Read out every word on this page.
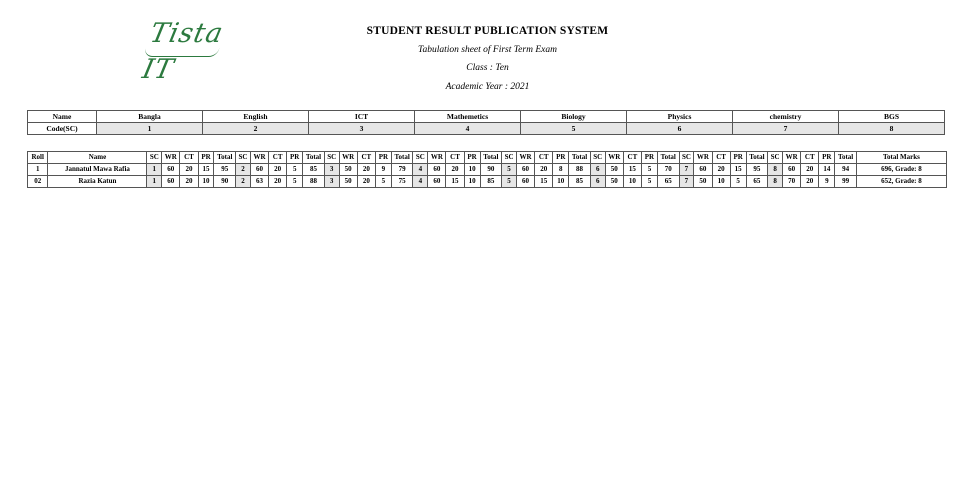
Tista IT
STUDENT RESULT PUBLICATION SYSTEM
Tabulation sheet of First Term Exam
Class : Ten
Academic Year : 2021
Name	Bangla	English	ICT	Mathemetics	Biology	Physics	chemistry	BGS
Code(SC)	1	2	3	4	5	6	7	8
Roll	Name	SC	WR	CT	PR	Total	SC	WR	CT	PR	Total	SC	WR	CT	PR	Total	SC	WR	CT	PR	Total	SC	WR	CT	PR	Total	SC	WR	CT	PR	Total	SC	WR	CT	PR	Total	SC	WR	CT	PR	Total	Total Marks
1	Jannatul Mawa Rafia	1	60	20	15	95	2	60	20	5	85	3	50	20	9	79	4	60	20	10	90	5	60	20	8	88	6	50	15	5	70	7	60	20	15	95	8	60	20	14	94	696, Grade: 8
02	Razia Katun	1	60	20	10	90	2	63	20	5	88	3	50	20	5	75	4	60	15	10	85	5	60	15	10	85	6	50	10	5	65	7	50	10	5	65	8	70	20	9	99	652, Grade: 8
